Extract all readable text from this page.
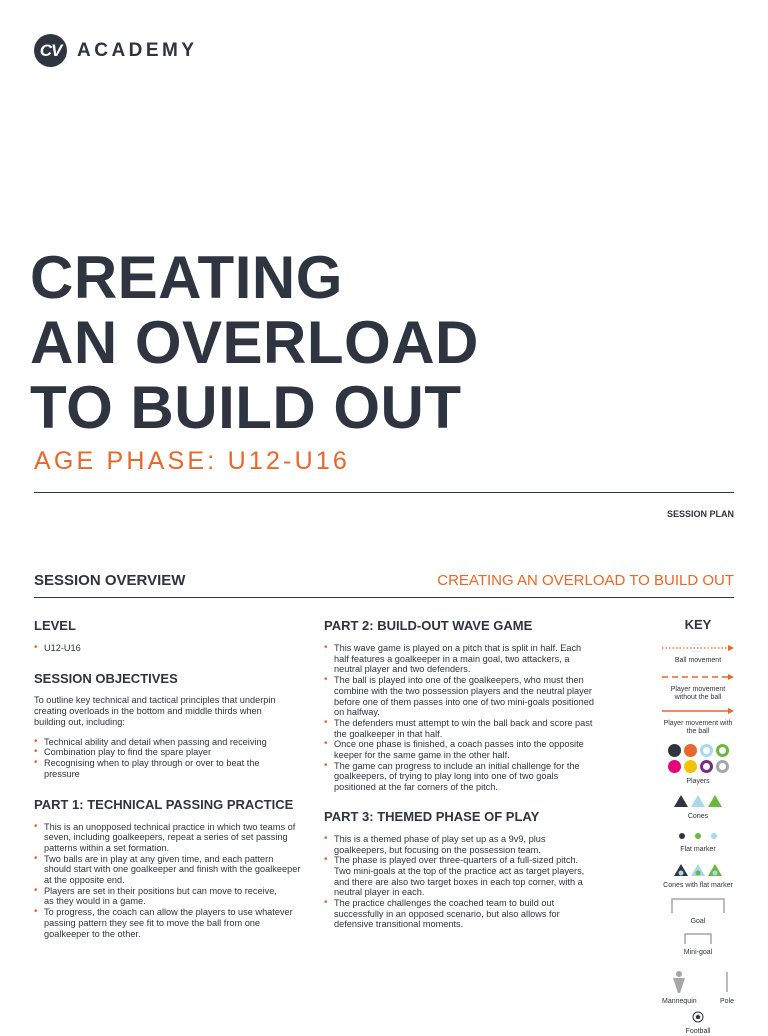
CV ACADEMY
CREATING
AN OVERLOAD
TO BUILD OUT
AGE PHASE: U12-U16
SESSION PLAN
SESSION OVERVIEW	CREATING AN OVERLOAD TO BUILD OUT
LEVEL
• U12-U16
SESSION OBJECTIVES
To outline key technical and tactical principles that underpin creating overloads in the bottom and middle thirds when building out, including:
• Technical ability and detail when passing and receiving
• Combination play to find the spare player
• Recognising when to play through or over to beat the pressure
PART 1: TECHNICAL PASSING PRACTICE
• This is an unopposed technical practice in which two teams of seven, including goalkeepers, repeat a series of set passing patterns within a set formation.
• Two balls are in play at any given time, and each pattern should start with one goalkeeper and finish with the goalkeeper at the opposite end.
• Players are set in their positions but can move to receive, as they would in a game.
• To progress, the coach can allow the players to use whatever passing pattern they see fit to move the ball from one goalkeeper to the other.
PART 2: BUILD-OUT WAVE GAME
• This wave game is played on a pitch that is split in half. Each half features a goalkeeper in a main goal, two attackers, a neutral player and two defenders.
• The ball is played into one of the goalkeepers, who must then combine with the two possession players and the neutral player before one of them passes into one of two mini-goals positioned on halfway.
• The defenders must attempt to win the ball back and score past the goalkeeper in that half.
• Once one phase is finished, a coach passes into the opposite keeper for the same game in the other half.
• The game can progress to include an initial challenge for the goalkeepers, of trying to play long into one of two goals positioned at the far corners of the pitch.
PART 3: THEMED PHASE OF PLAY
• This is a themed phase of play set up as a 9v9, plus goalkeepers, but focusing on the possession team.
• The phase is played over three-quarters of a full-sized pitch. Two mini-goals at the top of the practice act as target players, and there are also two target boxes in each top corner, with a neutral player in each.
• The practice challenges the coached team to build out successfully in an opposed scenario, but also allows for defensive transitional moments.
KEY
Ball movement
Player movement without the ball
Player movement with the ball
Players
Cones
Flat marker
Cones with flat marker
Goal
Mini-goal
Mannequin	Pole
Football
